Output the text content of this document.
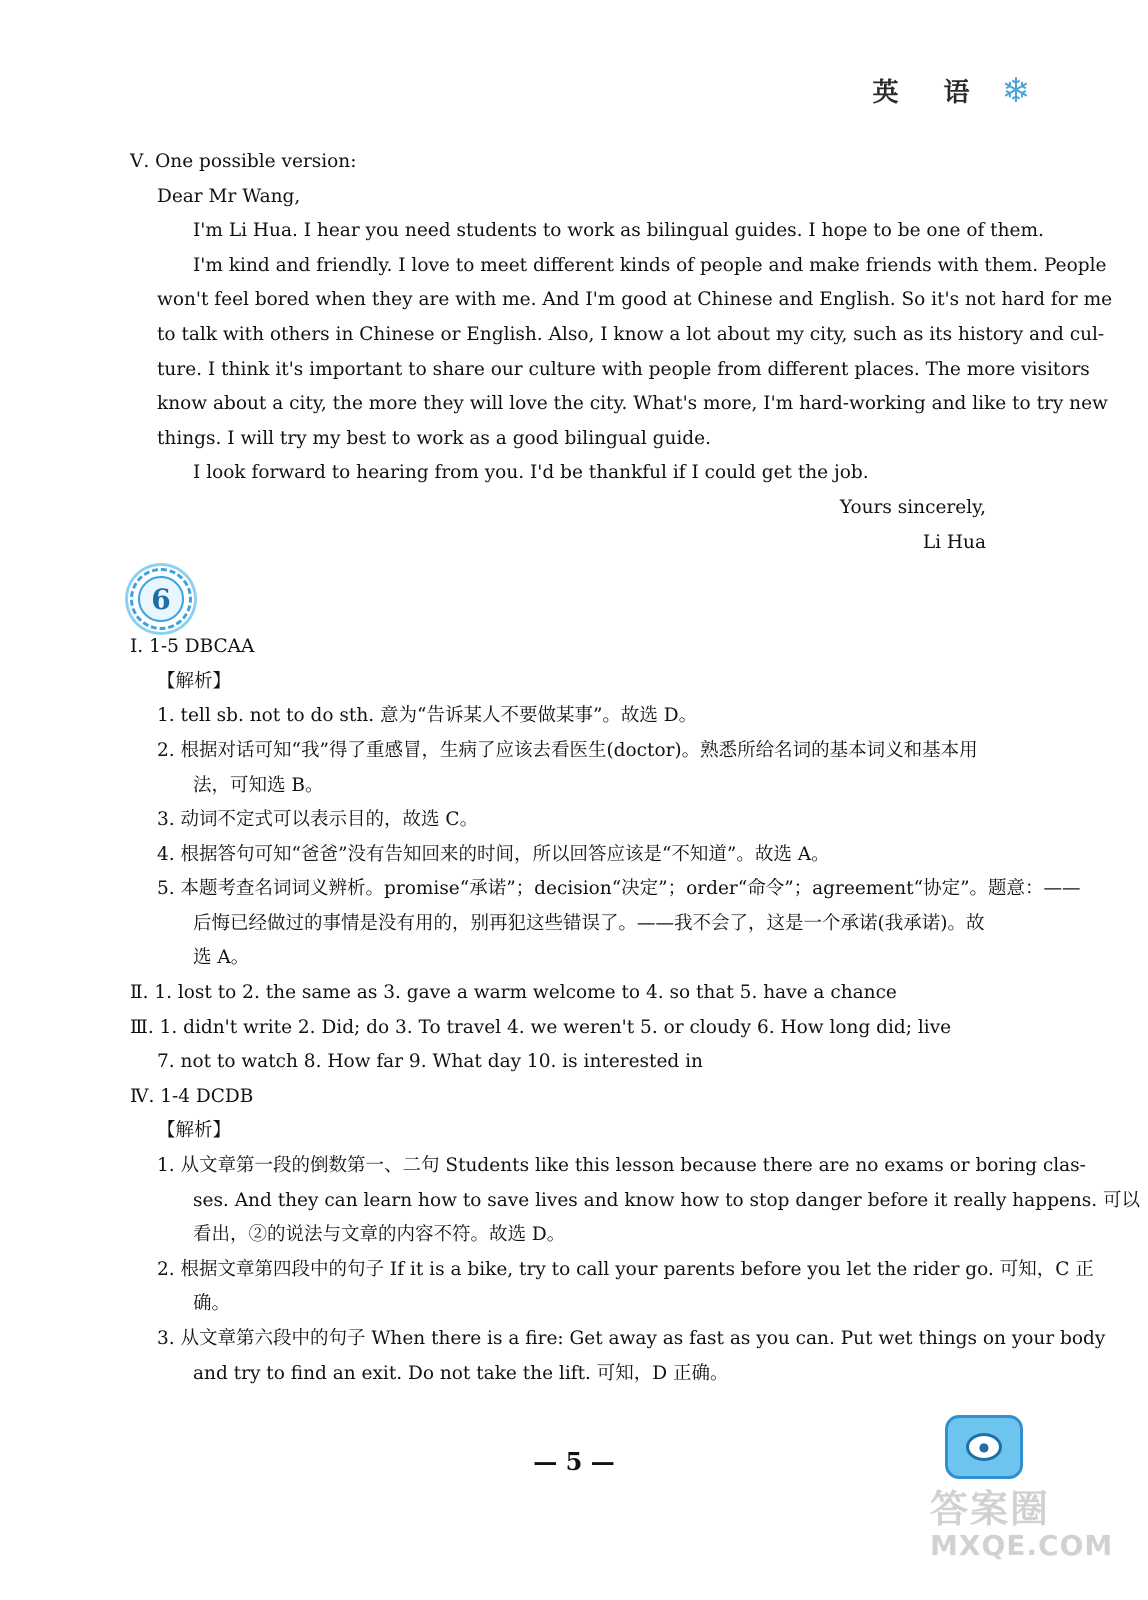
英 语 ❄
Ⅴ. One possible version:
Dear Mr Wang,
I'm Li Hua. I hear you need students to work as bilingual guides. I hope to be one of them.
I'm kind and friendly. I love to meet different kinds of people and make friends with them. People
won't feel bored when they are with me. And I'm good at Chinese and English. So it's not hard for me
to talk with others in Chinese or English. Also, I know a lot about my city, such as its history and cul-
ture. I think it's important to share our culture with people from different places. The more visitors
know about a city, the more they will love the city. What's more, I'm hard-working and like to try new
things. I will try my best to work as a good bilingual guide.
I look forward to hearing from you. I'd be thankful if I could get the job.
Yours sincerely,
Li Hua
6
Ⅰ. 1-5 DBCAA
【解析】
1. tell sb. not to do sth. 意为“告诉某人不要做某事”。故选 D。
2. 根据对话可知“我”得了重感冒，生病了应该去看医生(doctor)。熟悉所给名词的基本词义和基本用
法，可知选 B。
3. 动词不定式可以表示目的，故选 C。
4. 根据答句可知“爸爸”没有告知回来的时间，所以回答应该是“不知道”。故选 A。
5. 本题考查名词词义辨析。promise“承诺”；decision“决定”；order“命令”；agreement“协定”。题意：——
后悔已经做过的事情是没有用的，别再犯这些错误了。——我不会了，这是一个承诺(我承诺)。故
选 A。
Ⅱ. 1. lost to 2. the same as 3. gave a warm welcome to 4. so that 5. have a chance
Ⅲ. 1. didn't write 2. Did; do 3. To travel 4. we weren't 5. or cloudy 6. How long did; live
7. not to watch 8. How far 9. What day 10. is interested in
Ⅳ. 1-4 DCDB
【解析】
1. 从文章第一段的倒数第一、二句 Students like this lesson because there are no exams or boring clas-
ses. And they can learn how to save lives and know how to stop danger before it really happens. 可以
看出，②的说法与文章的内容不符。故选 D。
2. 根据文章第四段中的句子 If it is a bike, try to call your parents before you let the rider go. 可知，C 正
确。
3. 从文章第六段中的句子 When there is a fire: Get away as fast as you can. Put wet things on your body
and try to find an exit. Do not take the lift. 可知，D 正确。
— 5 —	●
答案圈
MXQE.COM
